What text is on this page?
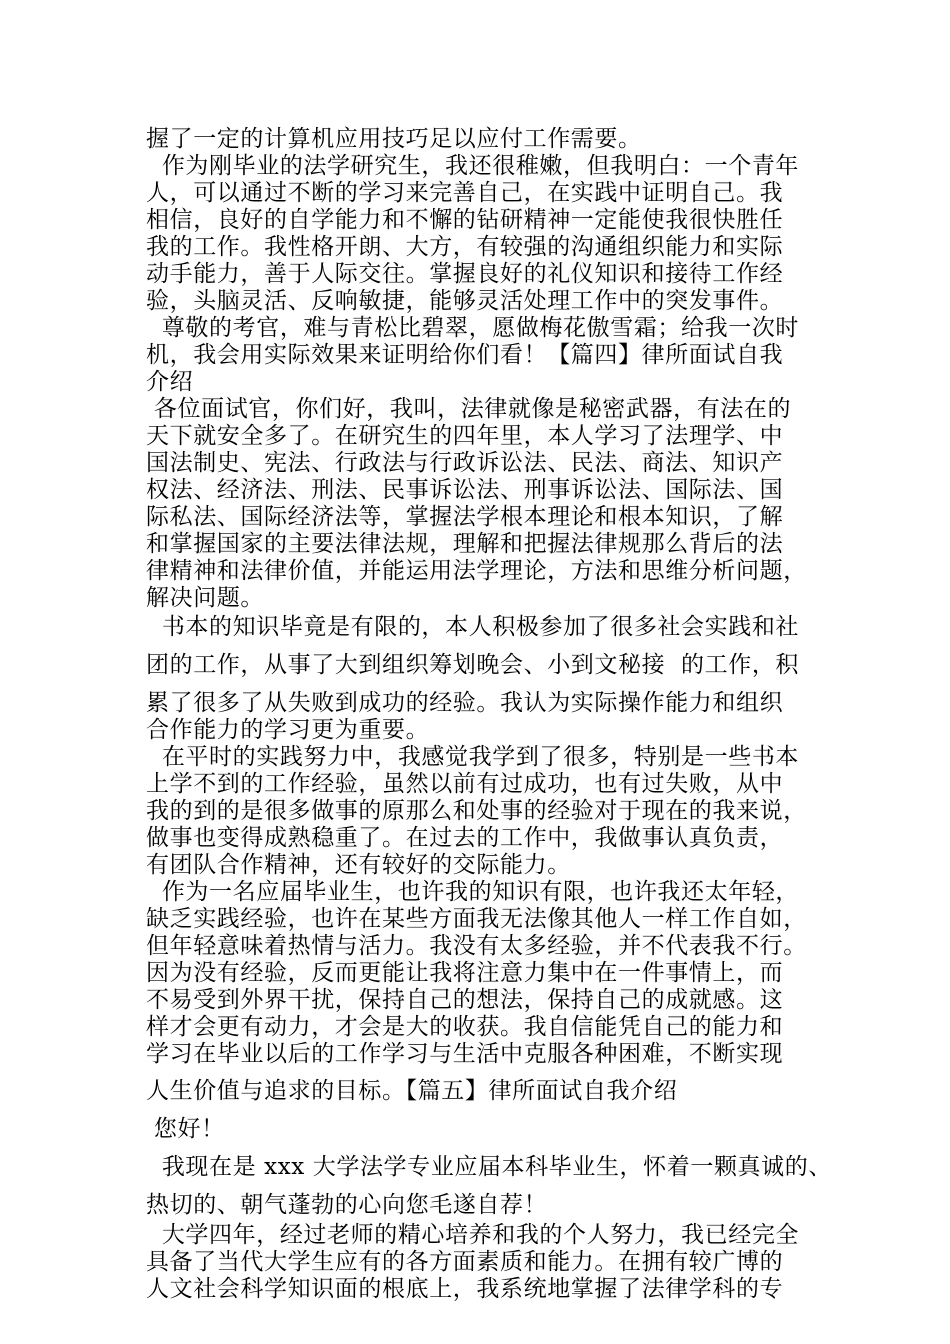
握了一定的计算机应用技巧足以应付工作需要。
作为刚毕业的法学研究生，我还很稚嫩，但我明白：一个青年
人，可以通过不断的学习来完善自己，在实践中证明自己。我
相信，良好的自学能力和不懈的钻研精神一定能使我很快胜任
我的工作。我性格开朗、大方，有较强的沟通组织能力和实际
动手能力，善于人际交往。掌握良好的礼仪知识和接待工作经
验，头脑灵活、反响敏捷，能够灵活处理工作中的突发事件。
尊敬的考官，难与青松比碧翠，愿做梅花傲雪霜；给我一次时
机，我会用实际效果来证明给你们看！【篇四】律所面试自我
介绍
各位面试官，你们好，我叫，法律就像是秘密武器，有法在的
天下就安全多了。在研究生的四年里，本人学习了法理学、中
国法制史、宪法、行政法与行政诉讼法、民法、商法、知识产
权法、经济法、刑法、民事诉讼法、刑事诉讼法、国际法、国
际私法、国际经济法等，掌握法学根本理论和根本知识，了解
和掌握国家的主要法律法规，理解和把握法律规那么背后的法
律精神和法律价值，并能运用法学理论，方法和思维分析问题，
解决问题。
书本的知识毕竟是有限的，本人积极参加了很多社会实践和社
团的工作，从事了大到组织筹划晚会、小到文秘接  的工作，积
累了很多了从失败到成功的经验。我认为实际操作能力和组织
合作能力的学习更为重要。
在平时的实践努力中，我感觉我学到了很多，特别是一些书本
上学不到的工作经验，虽然以前有过成功，也有过失败，从中
我的到的是很多做事的原那么和处事的经验对于现在的我来说，
做事也变得成熟稳重了。在过去的工作中，我做事认真负责，
有团队合作精神，还有较好的交际能力。
作为一名应届毕业生，也许我的知识有限，也许我还太年轻，
缺乏实践经验，也许在某些方面我无法像其他人一样工作自如，
但年轻意味着热情与活力。我没有太多经验，并不代表我不行。
因为没有经验，反而更能让我将注意力集中在一件事情上，而
不易受到外界干扰，保持自己的想法，保持自己的成就感。这
样才会更有动力，才会是大的收获。我自信能凭自己的能力和
学习在毕业以后的工作学习与生活中克服各种困难，不断实现
人生价值与追求的目标。【篇五】律所面试自我介绍
您好！
我现在是 xxx 大学法学专业应届本科毕业生，怀着一颗真诚的、
热切的、朝气蓬勃的心向您毛遂自荐！
大学四年，经过老师的精心培养和我的个人努力，我已经完全
具备了当代大学生应有的各方面素质和能力。在拥有较广博的
人文社会科学知识面的根底上，我系统地掌握了法律学科的专
